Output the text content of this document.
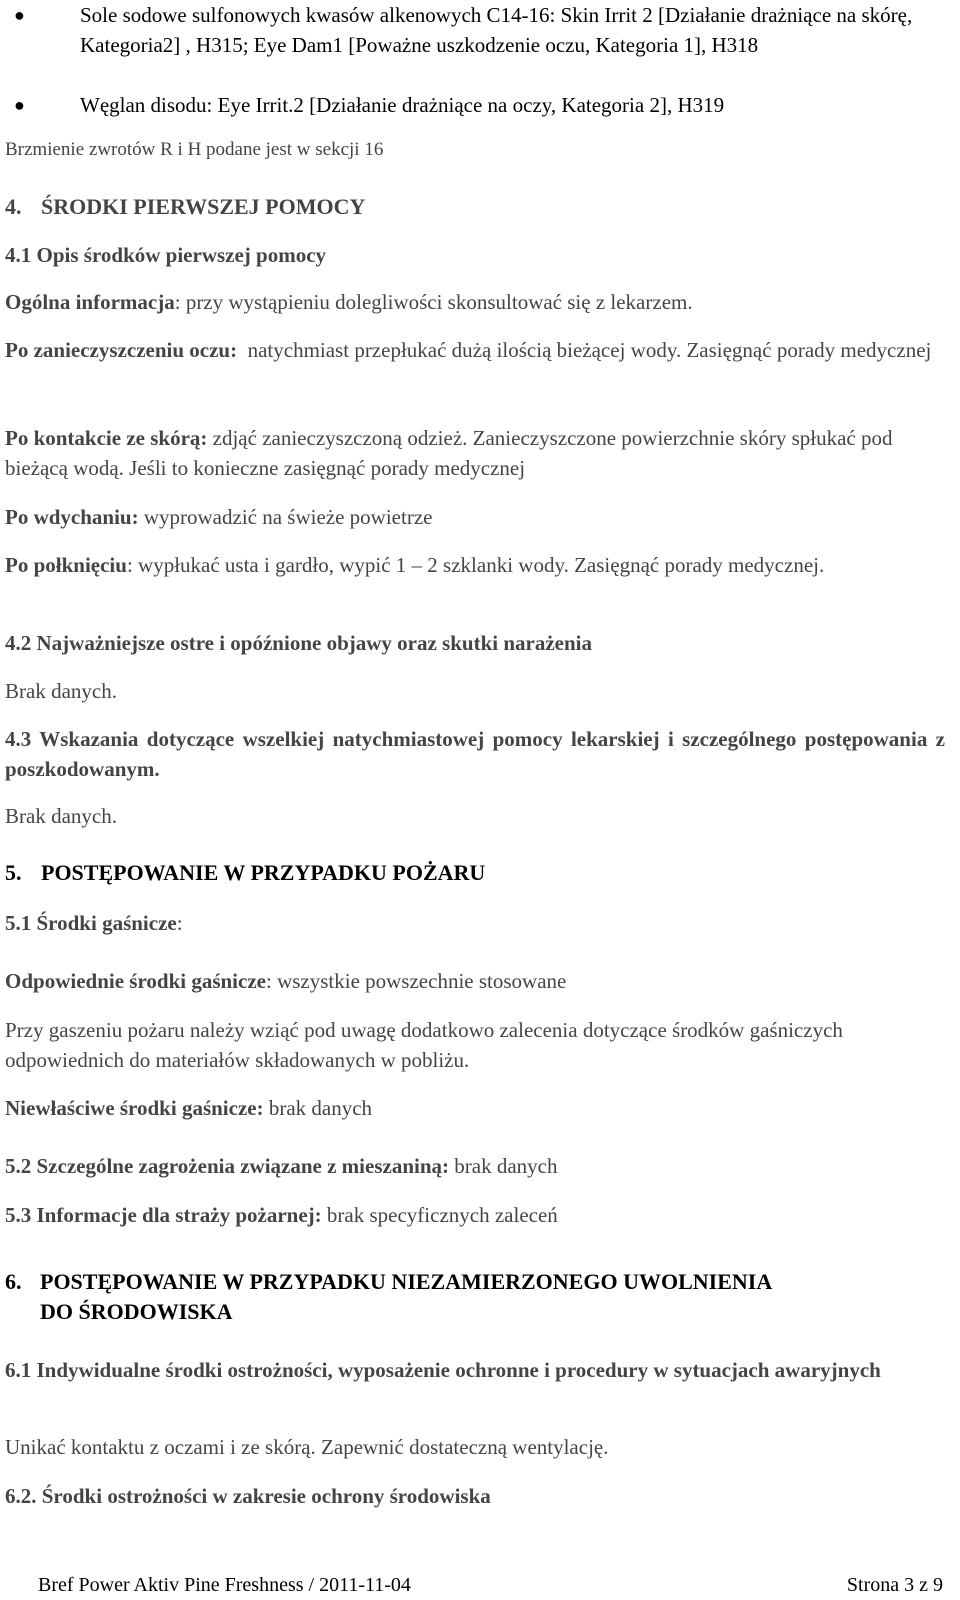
●	Sole sodowe sulfonowych kwasów alkenowych C14-16: Skin Irrit 2 [Działanie drażniące na skórę, Kategoria2] , H315; Eye Dam1 [Poważne uszkodzenie oczu, Kategoria 1], H318
●	Węglan disodu: Eye Irrit.2 [Działanie drażniące na oczy, Kategoria 2], H319
Brzmienie zwrotów R i H podane jest w sekcji 16
4. ŚRODKI PIERWSZEJ POMOCY
4.1 Opis środków pierwszej pomocy
Ogólna informacja: przy wystąpieniu dolegliwości skonsultować się z lekarzem.
Po zanieczyszczeniu oczu: natychmiast przepłukać dużą ilością bieżącej wody. Zasięgnąć porady medycznej
Po kontakcie ze skórą: zdjąć zanieczyszczoną odzież. Zanieczyszczone powierzchnie skóry spłukać pod bieżącą wodą. Jeśli to konieczne zasięgnąć porady medycznej
Po wdychaniu: wyprowadzić na świeże powietrze
Po połknięciu: wypłukać usta i gardło, wypić 1 – 2 szklanki wody. Zasięgnąć porady medycznej.
4.2 Najważniejsze ostre i opóźnione objawy oraz skutki narażenia
Brak danych.
4.3 Wskazania dotyczące wszelkiej natychmiastowej pomocy lekarskiej i szczególnego postępowania z poszkodowanym.
Brak danych.
5. POSTĘPOWANIE W PRZYPADKU POŻARU
5.1 Środki gaśnicze:
Odpowiednie środki gaśnicze: wszystkie powszechnie stosowane
Przy gaszeniu pożaru należy wziąć pod uwagę dodatkowo zalecenia dotyczące środków gaśniczych odpowiednich do materiałów składowanych w pobliżu.
Niewłaściwe środki gaśnicze: brak danych
5.2 Szczególne zagrożenia związane z mieszaniną: brak danych
5.3 Informacje dla straży pożarnej: brak specyficznych zaleceń
6. POSTĘPOWANIE W PRZYPADKU NIEZAMIERZONEGO UWOLNIENIA
DO ŚRODOWISKA
6.1 Indywidualne środki ostrożności, wyposażenie ochronne i procedury w sytuacjach awaryjnych
Unikać kontaktu z oczami i ze skórą. Zapewnić dostateczną wentylację.
6.2. Środki ostrożności w zakresie ochrony środowiska
Bref Power Aktiv Pine Freshness / 2011-11-04	Strona 3 z 9
